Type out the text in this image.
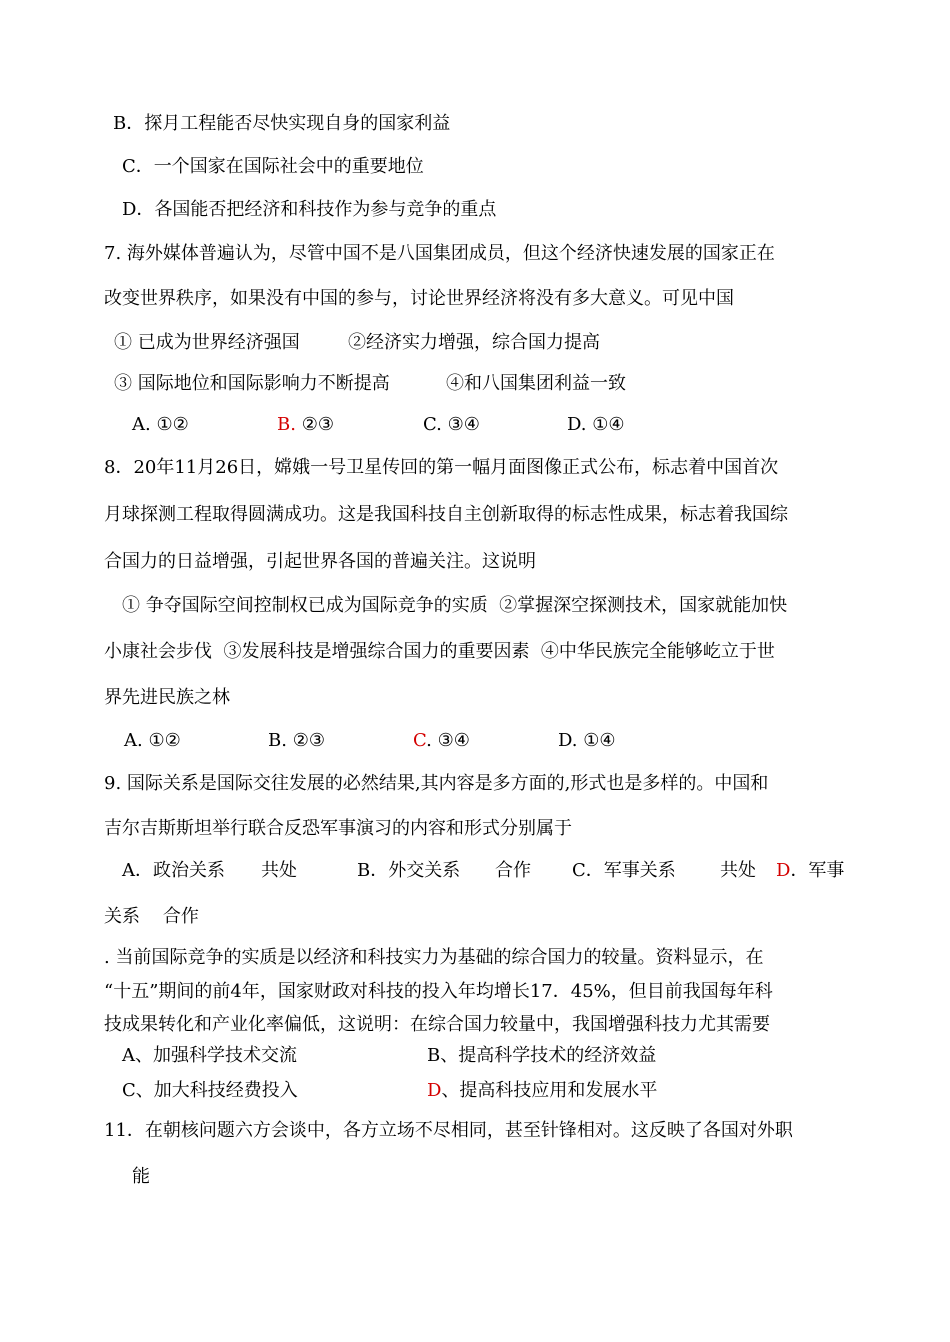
B．探月工程能否尽快实现自身的国家利益
C．一个国家在国际社会中的重要地位
D．各国能否把经济和科技作为参与竞争的重点
7. 海外媒体普遍认为，尽管中国不是八国集团成员，但这个经济快速发展的国家正在
改变世界秩序，如果没有中国的参与，讨论世界经济将没有多大意义。可见中国
① 已成为世界经济强国	②经济实力增强，综合国力提高
③ 国际地位和国际影响力不断提高	④和八国集团利益一致
A. ①②	B. ②③	C. ③④	D. ①④
8．20年11月26日，嫦娥一号卫星传回的第一幅月面图像正式公布，标志着中国首次
月球探测工程取得圆满成功。这是我国科技自主创新取得的标志性成果，标志着我国综
合国力的日益增强，引起世界各国的普遍关注。这说明
① 争夺国际空间控制权已成为国际竞争的实质  ②掌握深空探测技术，国家就能加快
小康社会步伐  ③发展科技是增强综合国力的重要因素  ④中华民族完全能够屹立于世
界先进民族之林
A. ①②	B. ②③	C. ③④	D. ①④
9. 国际关系是国际交往发展的必然结果,其内容是多方面的,形式也是多样的。中国和
吉尔吉斯斯坦举行联合反恐军事演习的内容和形式分别属于
A．政治关系 共处	B．外交关系 合作 C．军事关系 共处 D．军事
关系    合作
. 当前国际竞争的实质是以经济和科技实力为基础的综合国力的较量。资料显示，在
“十五”期间的前4年，国家财政对科技的投入年均增长17．45%，但目前我国每年科
技成果转化和产业化率偏低，这说明：在综合国力较量中，我国增强科技力尤其需要
A、加强科学技术交流	B、提高科学技术的经济效益
C、加大科技经费投入	D、提高科技应用和发展水平
11．在朝核问题六方会谈中，各方立场不尽相同，甚至针锋相对。这反映了各国对外职
能
